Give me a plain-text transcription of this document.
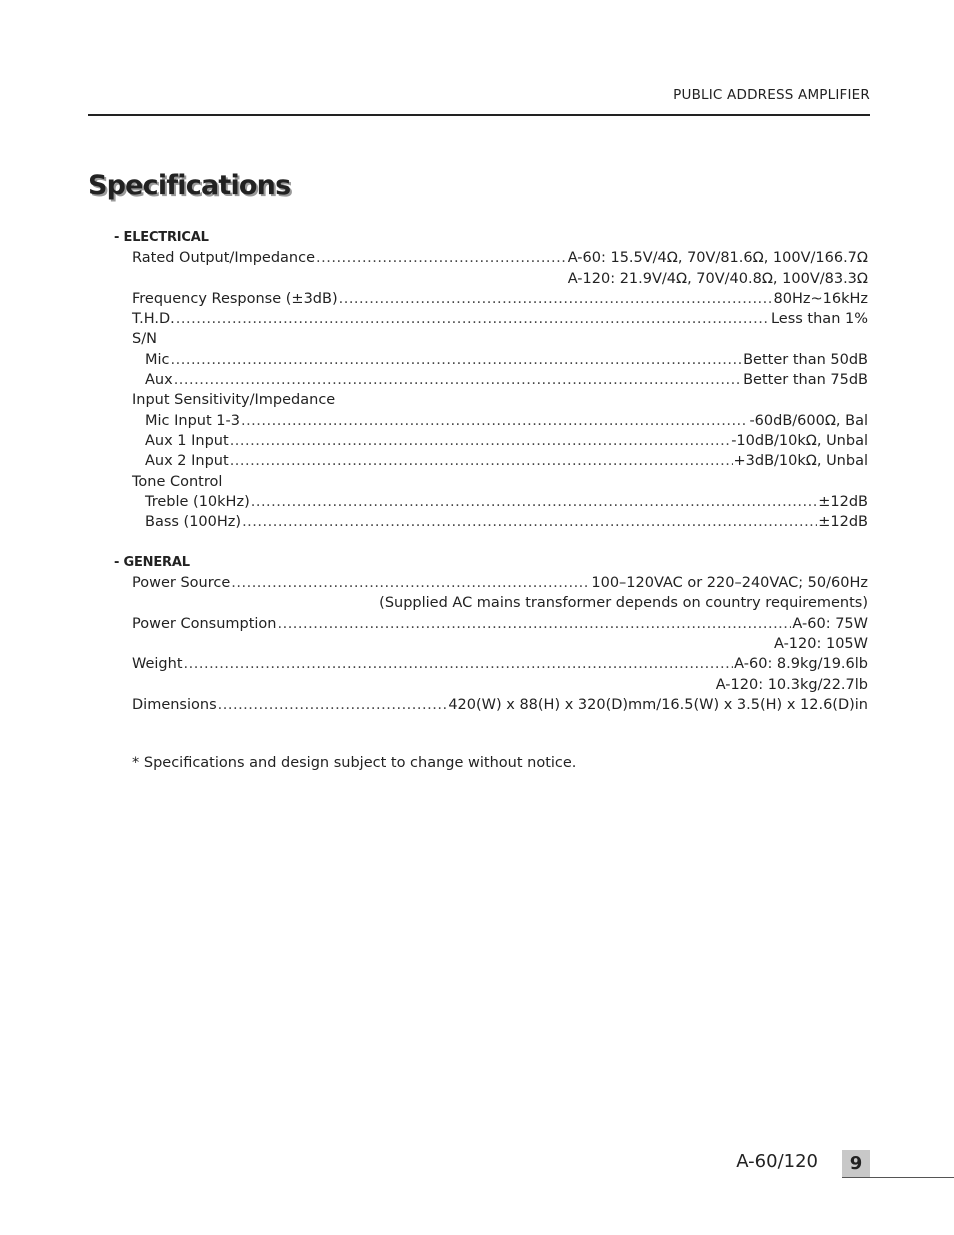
PUBLIC ADDRESS AMPLIFIER
Specifications
- ELECTRICAL
Rated Output/Impedance .....	A-60: 15.5V/4Ω, 70V/81.6Ω, 100V/166.7Ω
A-120: 21.9V/4Ω, 70V/40.8Ω, 100V/83.3Ω
Frequency Response (±3dB) .....	80Hz~16kHz
T.H.D. .....	Less than 1%
S/N
Mic .....	Better than 50dB
Aux .....	Better than 75dB
Input Sensitivity/Impedance
Mic Input 1-3 .....	-60dB/600Ω, Bal
Aux 1 Input .....	-10dB/10kΩ, Unbal
Aux 2 Input .....	+3dB/10kΩ, Unbal
Tone Control
Treble (10kHz) .....	±12dB
Bass (100Hz) .....	±12dB
- GENERAL
Power Source .....	100–120VAC or 220–240VAC; 50/60Hz
(Supplied AC mains transformer depends on country requirements)
Power Consumption .....	A-60: 75W
A-120: 105W
Weight .....	A-60: 8.9kg/19.6lb
A-120: 10.3kg/22.7lb
Dimensions .....	420(W) x 88(H) x 320(D)mm/16.5(W) x 3.5(H) x 12.6(D)in
* Specifications and design subject to change without notice.
A-60/120	9
